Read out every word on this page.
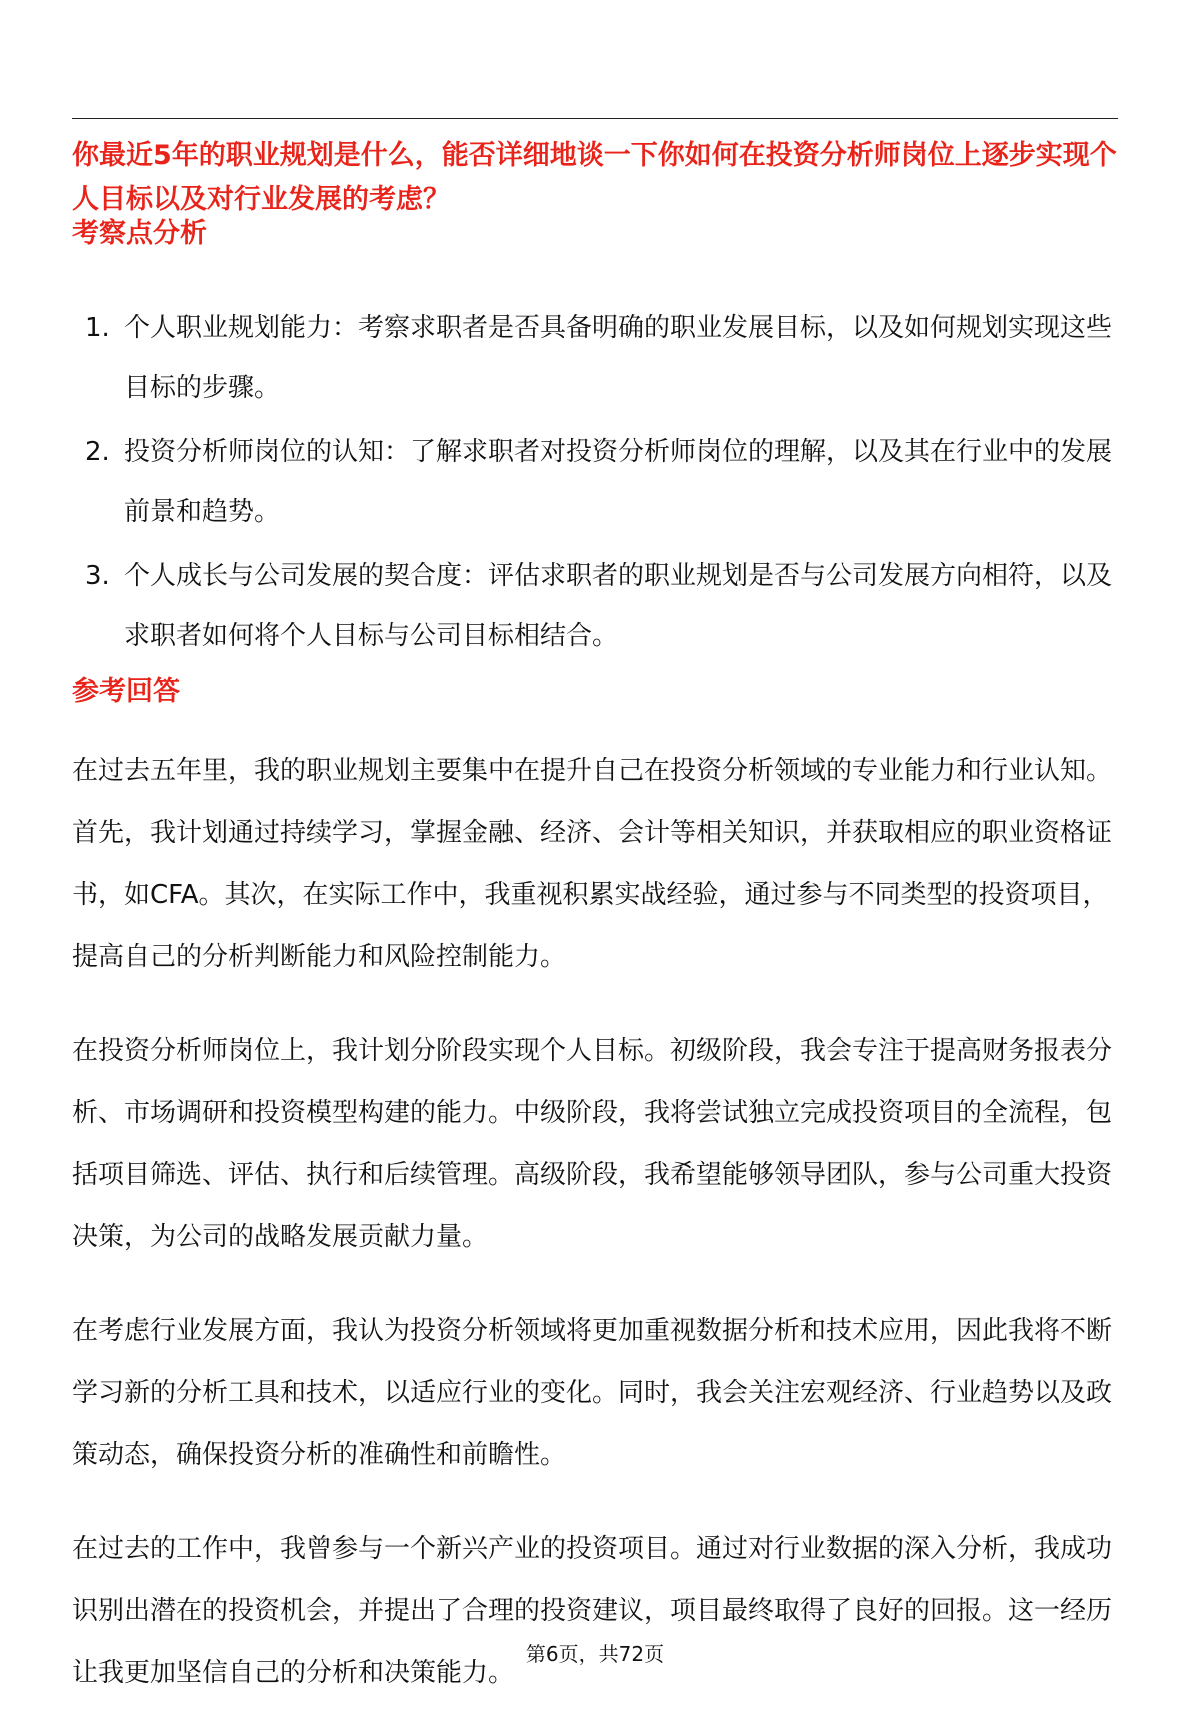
你最近5年的职业规划是什么，能否详细地谈一下你如何在投资分析师岗位上逐步实现个人目标以及对行业发展的考虑？
考察点分析
1. 个人职业规划能力：考察求职者是否具备明确的职业发展目标，以及如何规划实现这些目标的步骤。
2. 投资分析师岗位的认知：了解求职者对投资分析师岗位的理解，以及其在行业中的发展前景和趋势。
3. 个人成长与公司发展的契合度：评估求职者的职业规划是否与公司发展方向相符，以及求职者如何将个人目标与公司目标相结合。
参考回答

在过去五年里，我的职业规划主要集中在提升自己在投资分析领域的专业能力和行业认知。首先，我计划通过持续学习，掌握金融、经济、会计等相关知识，并获取相应的职业资格证书，如CFA。其次，在实际工作中，我重视积累实战经验，通过参与不同类型的投资项目，提高自己的分析判断能力和风险控制能力。

在投资分析师岗位上，我计划分阶段实现个人目标。初级阶段，我会专注于提高财务报表分析、市场调研和投资模型构建的能力。中级阶段，我将尝试独立完成投资项目的全流程，包括项目筛选、评估、执行和后续管理。高级阶段，我希望能够领导团队，参与公司重大投资决策，为公司的战略发展贡献力量。

在考虑行业发展方面，我认为投资分析领域将更加重视数据分析和技术应用，因此我将不断学习新的分析工具和技术，以适应行业的变化。同时，我会关注宏观经济、行业趋势以及政策动态，确保投资分析的准确性和前瞻性。

在过去的工作中，我曾参与一个新兴产业的投资项目。通过对行业数据的深入分析，我成功识别出潜在的投资机会，并提出了合理的投资建议，项目最终取得了良好的回报。这一经历让我更加坚信自己的分析和决策能力。

第6页，共72页
